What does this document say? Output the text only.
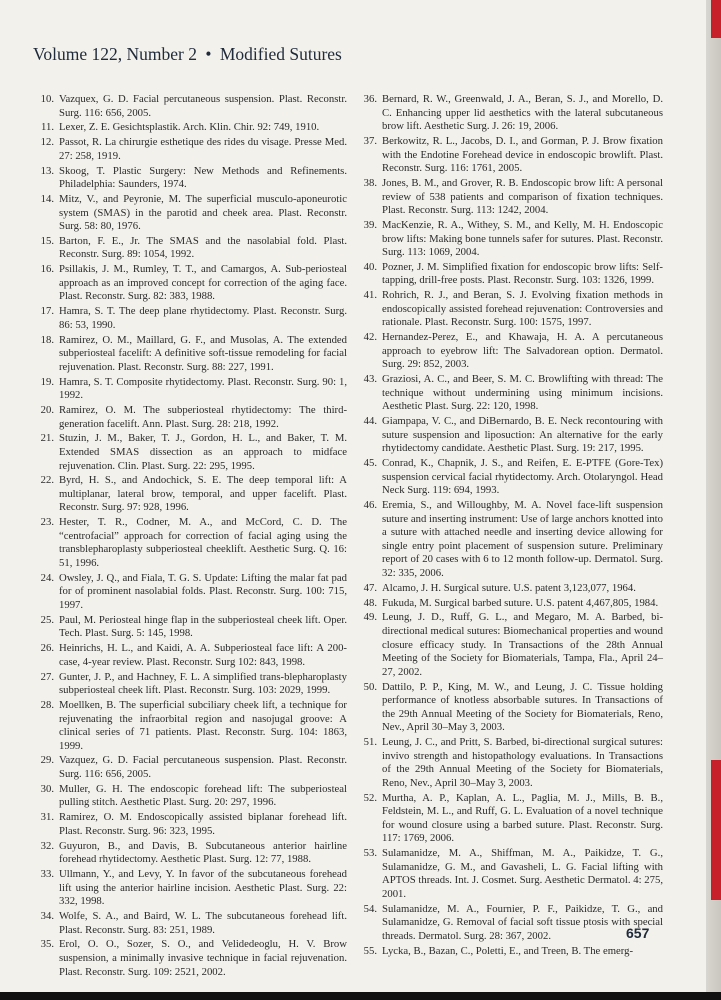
Volume 122, Number 2 • Modified Sutures
10. Vazquex, G. D. Facial percutaneous suspension. Plast. Reconstr. Surg. 116: 656, 2005.
11. Lexer, Z. E. Gesichtsplastik. Arch. Klin. Chir. 92: 749, 1910.
12. Passot, R. La chirurgie esthetique des rides du visage. Presse Med. 27: 258, 1919.
13. Skoog, T. Plastic Surgery: New Methods and Refinements. Philadelphia: Saunders, 1974.
14. Mitz, V., and Peyronie, M. The superficial musculo-aponeurotic system (SMAS) in the parotid and cheek area. Plast. Reconstr. Surg. 58: 80, 1976.
15. Barton, F. E., Jr. The SMAS and the nasolabial fold. Plast. Reconstr. Surg. 89: 1054, 1992.
16. Psillakis, J. M., Rumley, T. T., and Camargos, A. Sub-periosteal approach as an improved concept for correction of the aging face. Plast. Reconstr. Surg. 82: 383, 1988.
17. Hamra, S. T. The deep plane rhytidectomy. Plast. Reconstr. Surg. 86: 53, 1990.
18. Ramirez, O. M., Maillard, G. F., and Musolas, A. The extended subperiosteal facelift: A definitive soft-tissue remodeling for facial rejuvenation. Plast. Reconstr. Surg. 88: 227, 1991.
19. Hamra, S. T. Composite rhytidectomy. Plast. Reconstr. Surg. 90: 1, 1992.
20. Ramirez, O. M. The subperiosteal rhytidectomy: The third-generation facelift. Ann. Plast. Surg. 28: 218, 1992.
21. Stuzin, J. M., Baker, T. J., Gordon, H. L., and Baker, T. M. Extended SMAS dissection as an approach to midface rejuvenation. Clin. Plast. Surg. 22: 295, 1995.
22. Byrd, H. S., and Andochick, S. E. The deep temporal lift: A multiplanar, lateral brow, temporal, and upper facelift. Plast. Reconstr. Surg. 97: 928, 1996.
23. Hester, T. R., Codner, M. A., and McCord, C. D. The “centrofacial” approach for correction of facial aging using the transblepharoplasty subperiosteal cheeklift. Aesthetic Surg. Q. 16: 51, 1996.
24. Owsley, J. Q., and Fiala, T. G. S. Update: Lifting the malar fat pad for of prominent nasolabial folds. Plast. Reconstr. Surg. 100: 715, 1997.
25. Paul, M. Periosteal hinge flap in the subperiosteal cheek lift. Oper. Tech. Plast. Surg. 5: 145, 1998.
26. Heinrichs, H. L., and Kaidi, A. A. Subperiosteal face lift: A 200-case, 4-year review. Plast. Reconstr. Surg 102: 843, 1998.
27. Gunter, J. P., and Hachney, F. L. A simplified trans-blepharoplasty subperiosteal cheek lift. Plast. Reconstr. Surg. 103: 2029, 1999.
28. Moellken, B. The superficial subciliary cheek lift, a technique for rejuvenating the infraorbital region and nasojugal groove: A clinical series of 71 patients. Plast. Reconstr. Surg. 104: 1863, 1999.
29. Vazquez, G. D. Facial percutaneous suspension. Plast. Reconstr. Surg. 116: 656, 2005.
30. Muller, G. H. The endoscopic forehead lift: The subperiosteal pulling stitch. Aesthetic Plast. Surg. 20: 297, 1996.
31. Ramirez, O. M. Endoscopically assisted biplanar forehead lift. Plast. Reconstr. Surg. 96: 323, 1995.
32. Guyuron, B., and Davis, B. Subcutaneous anterior hairline forehead rhytidectomy. Aesthetic Plast. Surg. 12: 77, 1988.
33. Ullmann, Y., and Levy, Y. In favor of the subcutaneous forehead lift using the anterior hairline incision. Aesthetic Plast. Surg. 22: 332, 1998.
34. Wolfe, S. A., and Baird, W. L. The subcutaneous forehead lift. Plast. Reconstr. Surg. 83: 251, 1989.
35. Erol, O. O., Sozer, S. O., and Velidedeoglu, H. V. Brow suspension, a minimally invasive technique in facial rejuvenation. Plast. Reconstr. Surg. 109: 2521, 2002.
36. Bernard, R. W., Greenwald, J. A., Beran, S. J., and Morello, D. C. Enhancing upper lid aesthetics with the lateral subcutaneous brow lift. Aesthetic Surg. J. 26: 19, 2006.
37. Berkowitz, R. L., Jacobs, D. I., and Gorman, P. J. Brow fixation with the Endotine Forehead device in endoscopic browlift. Plast. Reconstr. Surg. 116: 1761, 2005.
38. Jones, B. M., and Grover, R. B. Endoscopic brow lift: A personal review of 538 patients and comparison of fixation techniques. Plast. Reconstr. Surg. 113: 1242, 2004.
39. MacKenzie, R. A., Withey, S. M., and Kelly, M. H. Endoscopic brow lifts: Making bone tunnels safer for sutures. Plast. Reconstr. Surg. 113: 1069, 2004.
40. Pozner, J. M. Simplified fixation for endoscopic brow lifts: Self-tapping, drill-free posts. Plast. Reconstr. Surg. 103: 1326, 1999.
41. Rohrich, R. J., and Beran, S. J. Evolving fixation methods in endoscopically assisted forehead rejuvenation: Controversies and rationale. Plast. Reconstr. Surg. 100: 1575, 1997.
42. Hernandez-Perez, E., and Khawaja, H. A. A percutaneous approach to eyebrow lift: The Salvadorean option. Dermatol. Surg. 29: 852, 2003.
43. Graziosi, A. C., and Beer, S. M. C. Browlifting with thread: The technique without undermining using minimum incisions. Aesthetic Plast. Surg. 22: 120, 1998.
44. Giampapa, V. C., and DiBernardo, B. E. Neck recontouring with suture suspension and liposuction: An alternative for the early rhytidectomy candidate. Aesthetic Plast. Surg. 19: 217, 1995.
45. Conrad, K., Chapnik, J. S., and Reifen, E. E-PTFE (Gore-Tex) suspension cervical facial rhytidectomy. Arch. Otolaryngol. Head Neck Surg. 119: 694, 1993.
46. Eremia, S., and Willoughby, M. A. Novel face-lift suspension suture and inserting instrument: Use of large anchors knotted into a suture with attached needle and inserting device allowing for single entry point placement of suspension suture. Preliminary report of 20 cases with 6 to 12 month follow-up. Dermatol. Surg. 32: 335, 2006.
47. Alcamo, J. H. Surgical suture. U.S. patent 3,123,077, 1964.
48. Fukuda, M. Surgical barbed suture. U.S. patent 4,467,805, 1984.
49. Leung, J. D., Ruff, G. L., and Megaro, M. A. Barbed, bi-directional medical sutures: Biomechanical properties and wound closure efficacy study. In Transactions of the 28th Annual Meeting of the Society for Biomaterials, Tampa, Fla., April 24–27, 2002.
50. Dattilo, P. P., King, M. W., and Leung, J. C. Tissue holding performance of knotless absorbable sutures. In Transactions of the 29th Annual Meeting of the Society for Biomaterials, Reno, Nev., April 30–May 3, 2003.
51. Leung, J. C., and Pritt, S. Barbed, bi-directional surgical sutures: invivo strength and histopathology evaluations. In Transactions of the 29th Annual Meeting of the Society for Biomaterials, Reno, Nev., April 30–May 3, 2003.
52. Murtha, A. P., Kaplan, A. L., Paglia, M. J., Mills, B. B., Feldstein, M. L., and Ruff, G. L. Evaluation of a novel technique for wound closure using a barbed suture. Plast. Reconstr. Surg. 117: 1769, 2006.
53. Sulamanidze, M. A., Shiffman, M. A., Paikidze, T. G., Sulamanidze, G. M., and Gavasheli, L. G. Facial lifting with APTOS threads. Int. J. Cosmet. Surg. Aesthetic Dermatol. 4: 275, 2001.
54. Sulamanidze, M. A., Fournier, P. F., Paikidze, T. G., and Sulamanidze, G. Removal of facial soft tissue ptosis with special threads. Dermatol. Surg. 28: 367, 2002.
55. Lycka, B., Bazan, C., Poletti, E., and Treen, B. The emerg-
657
